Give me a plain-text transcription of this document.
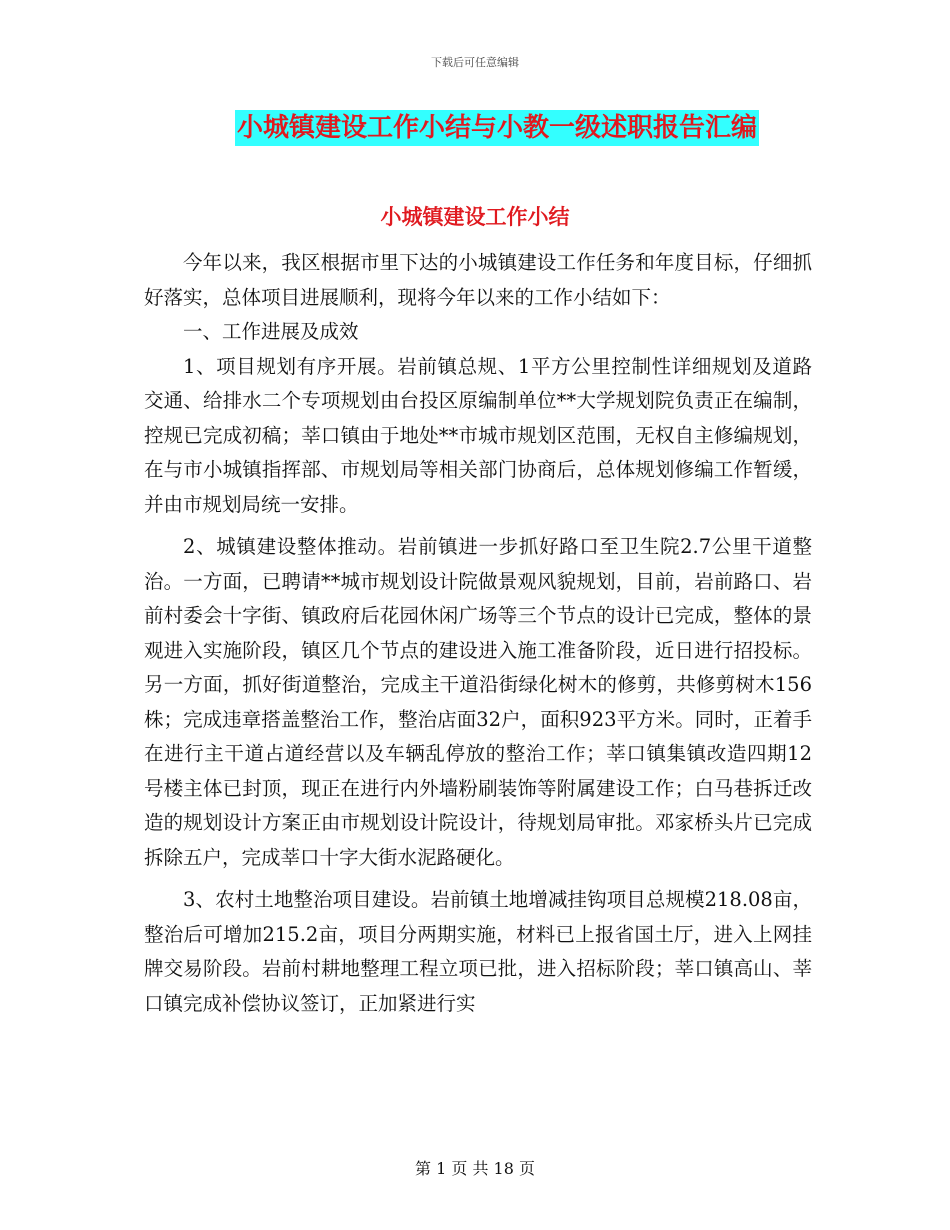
下载后可任意编辑
小城镇建设工作小结与小教一级述职报告汇编
小城镇建设工作小结

今年以来，我区根据市里下达的小城镇建设工作任务和年度目标，仔细抓好落实，总体项目进展顺利，现将今年以来的工作小结如下：

一、工作进展及成效

1、项目规划有序开展。岩前镇总规、1平方公里控制性详细规划及道路交通、给排水二个专项规划由台投区原编制单位**大学规划院负责正在编制，控规已完成初稿；莘口镇由于地处**市城市规划区范围，无权自主修编规划，在与市小城镇指挥部、市规划局等相关部门协商后，总体规划修编工作暂缓，并由市规划局统一安排。

2、城镇建设整体推动。岩前镇进一步抓好路口至卫生院2.7公里干道整治。一方面，已聘请**城市规划设计院做景观风貌规划，目前，岩前路口、岩前村委会十字街、镇政府后花园休闲广场等三个节点的设计已完成，整体的景观进入实施阶段，镇区几个节点的建设进入施工准备阶段，近日进行招投标。另一方面，抓好街道整治，完成主干道沿街绿化树木的修剪，共修剪树木156株；完成违章搭盖整治工作，整治店面32户，面积923平方米。同时，正着手在进行主干道占道经营以及车辆乱停放的整治工作；莘口镇集镇改造四期12号楼主体已封顶，现正在进行内外墙粉刷装饰等附属建设工作；白马巷拆迁改造的规划设计方案正由市规划设计院设计，待规划局审批。邓家桥头片已完成拆除五户，完成莘口十字大街水泥路硬化。

3、农村土地整治项目建设。岩前镇土地增减挂钩项目总规模218.08亩，整治后可增加215.2亩，项目分两期实施，材料已上报省国土厅，进入上网挂牌交易阶段。岩前村耕地整理工程立项已批，进入招标阶段；莘口镇高山、莘口镇完成补偿协议签订，正加紧进行实

第 1 页 共 18 页
